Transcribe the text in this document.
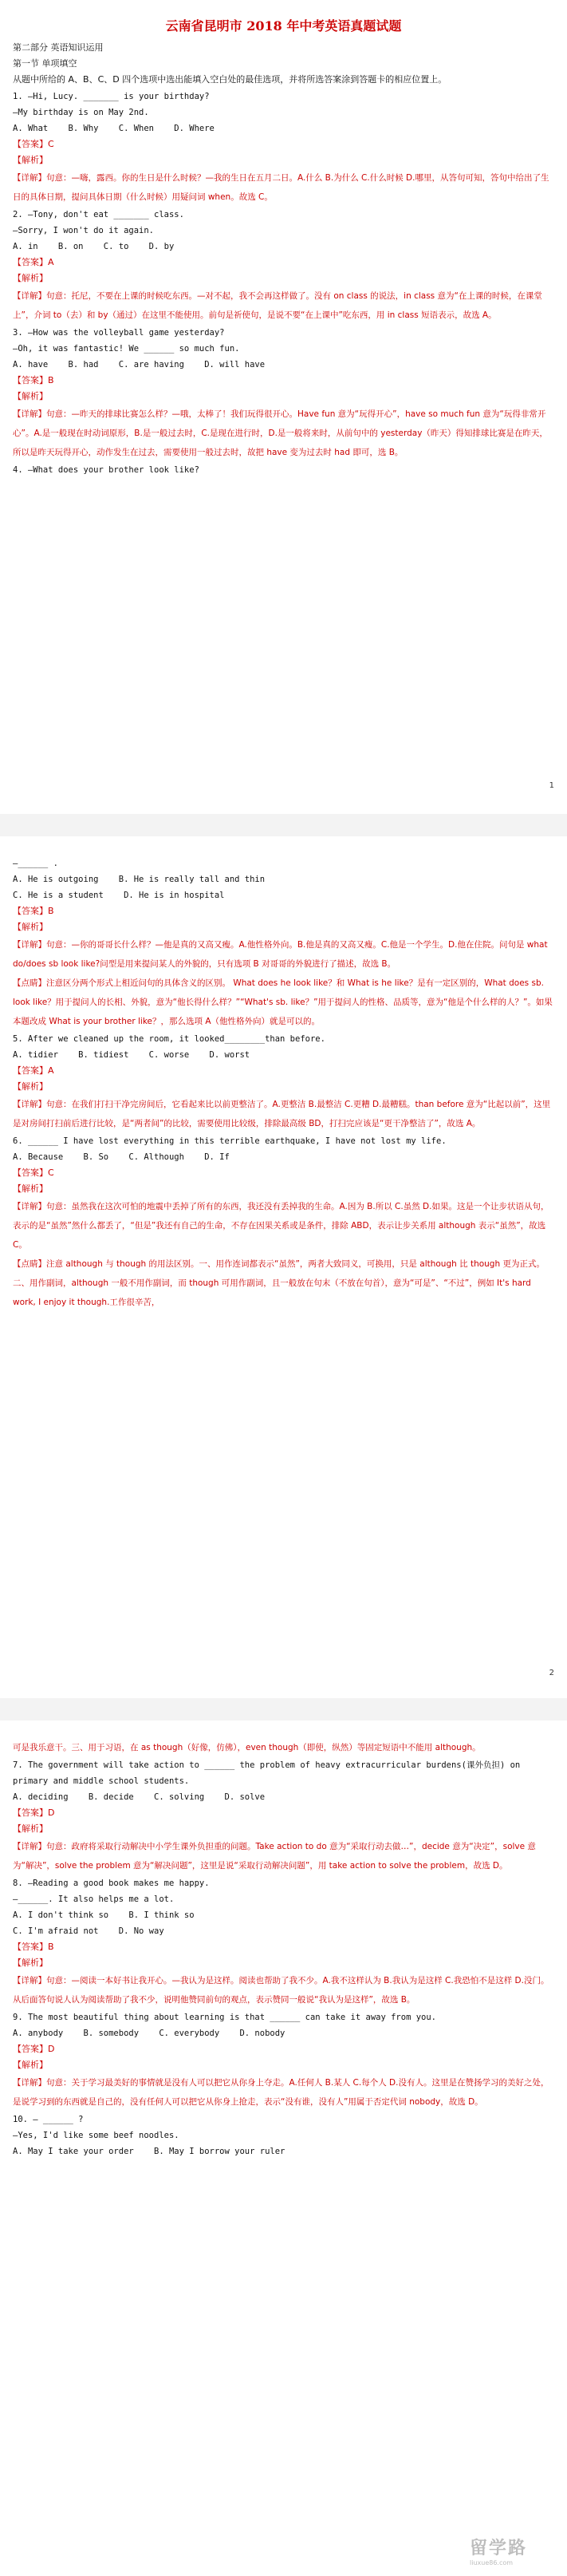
云南省昆明市 2018 年中考英语真题试题
第二部分 英语知识运用
第一节 单项填空
从题中所给的 A、B、C、D 四个选项中选出能填入空白处的最佳选项，并将所选答案涂到答题卡的相应位置上。
1. —Hi, Lucy. _______ is your birthday?
—My birthday is on May 2nd.
A. What    B. Why    C. When    D. Where
【答案】C
【解析】
【详解】句意：—嗨，露西。你的生日是什么时候？—我的生日在五月二日。A.什么 B.为什么 C.什么时候 D.哪里，从答句可知，答句中给出了生日的具体日期，提问具体日期（什么时候）用疑问词 when。故选 C。
2. —Tony, don't eat _______ class.
—Sorry, I won't do it again.
A. in    B. on    C. to    D. by
【答案】A
【解析】
【详解】句意：托尼，不要在上课的时候吃东西。—对不起，我不会再这样做了。没有 on class 的说法，in class 意为“在上课的时候，在课堂上”，介词 to（去）和 by（通过）在这里不能使用。前句是祈使句，是说不要“在上课中”吃东西，用 in class 短语表示，故选 A。
3. —How was the volleyball game yesterday?
—Oh, it was fantastic! We ______ so much fun.
A. have    B. had    C. are having    D. will have
【答案】B
【解析】
【详解】句意：—昨天的排球比赛怎么样？—哦，太棒了！我们玩得很开心。Have fun 意为“玩得开心”，have so much fun 意为“玩得非常开心”。A.是一般现在时动词原形，B.是一般过去时，C.是现在进行时，D.是一般将来时，从前句中的 yesterday（昨天）得知排球比赛是在昨天，所以是昨天玩得开心，动作发生在过去，需要使用一般过去时，故把 have 变为过去时 had 即可，选 B。
4. —What does your brother look like?
1
—______ .
A. He is outgoing    B. He is really tall and thin
C. He is a student    D. He is in hospital
【答案】B
【解析】
【详解】句意：—你的哥哥长什么样？—他是真的又高又瘦。A.他性格外向。B.他是真的又高又瘦。C.他是一个学生。D.他在住院。问句是 what do/does sb look like?问型是用来提问某人的外貌的，只有选项 B 对哥哥的外貌进行了描述，故选 B。
【点睛】注意区分两个形式上相近问句的具体含义的区别。 What does he look like？和 What is he like？是有一定区别的，What does sb. look like？用于提问人的长相、外貌，意为“他长得什么样？”“What's sb. like？”用于提问人的性格、品质等，意为“他是个什么样的人？”。如果本题改成 What is your brother like？，那么选项 A（他性格外向）就是可以的。
5. After we cleaned up the room, it looked________than before.
A. tidier    B. tidiest    C. worse    D. worst
【答案】A
【解析】
【详解】句意：在我们打扫干净完房间后，它看起来比以前更整洁了。A.更整洁 B.最整洁 C.更糟 D.最糟糕。than before 意为“比起以前”，这里是对房间打扫前后进行比较，是“两者间”的比较，需要使用比较级，排除最高级 BD，打扫完应该是“更干净整洁了”，故选 A。
6. ______ I have lost everything in this terrible earthquake, I have not lost my life.
A. Because    B. So    C. Although    D. If
【答案】C
【解析】
【详解】句意：虽然我在这次可怕的地震中丢掉了所有的东西，我还没有丢掉我的生命。A.因为 B.所以 C.虽然 D.如果。这是一个让步状语从句，表示的是“虽然”然什么都丢了，“但是”我还有自己的生命，不存在因果关系或是条件，排除 ABD，表示让步关系用 although 表示“虽然”，故选 C。
【点睛】注意 although 与 though 的用法区别。一、用作连词都表示“虽然”，两者大致同义，可换用，只是 although 比 though 更为正式。二、用作副词，although 一般不用作副词，而 though 可用作副词，且一般放在句末（不放在句首），意为“可是”、“不过”，例如 It's hard work, I enjoy it though.工作很辛苦，
2
可是我乐意干。三、用于习语，在 as though（好像，仿佛），even though（即使，纵然）等固定短语中不能用 although。
7. The government will take action to ______ the problem of heavy extracurricular burdens(课外负担) on primary and middle school students.
A. deciding    B. decide    C. solving    D. solve
【答案】D
【解析】
【详解】句意：政府将采取行动解决中小学生课外负担重的问题。Take action to do 意为“采取行动去做…”，decide 意为“决定”，solve 意为“解决”，solve the problem 意为“解决问题”，这里是说“采取行动解决问题”，用 take action to solve the problem，故选 D。
8. —Reading a good book makes me happy.
—______. It also helps me a lot.
A. I don't think so    B. I think so
C. I'm afraid not    D. No way
【答案】B
【解析】
【详解】句意：—阅读一本好书让我开心。—我认为是这样。阅读也帮助了我不少。A.我不这样认为 B.我认为是这样 C.我恐怕不是这样 D.没门。从后面答句说人认为阅读帮助了我不少，说明他赞同前句的观点，表示赞同一般说“我认为是这样”，故选 B。
9. The most beautiful thing about learning is that ______ can take it away from you.
A. anybody    B. somebody    C. everybody    D. nobody
【答案】D
【解析】
【详解】句意：关于学习最美好的事情就是没有人可以把它从你身上夺走。A.任何人 B.某人 C.每个人 D.没有人。这里是在赞扬学习的美好之处，是说学习到的东西就是自己的，没有任何人可以把它从你身上抢走，表示“没有谁，没有人”用属于否定代词 nobody，故选 D。
10. — ______ ?
—Yes, I'd like some beef noodles.
A. May I take your order    B. May I borrow your ruler
留学路
liuxue86.com
